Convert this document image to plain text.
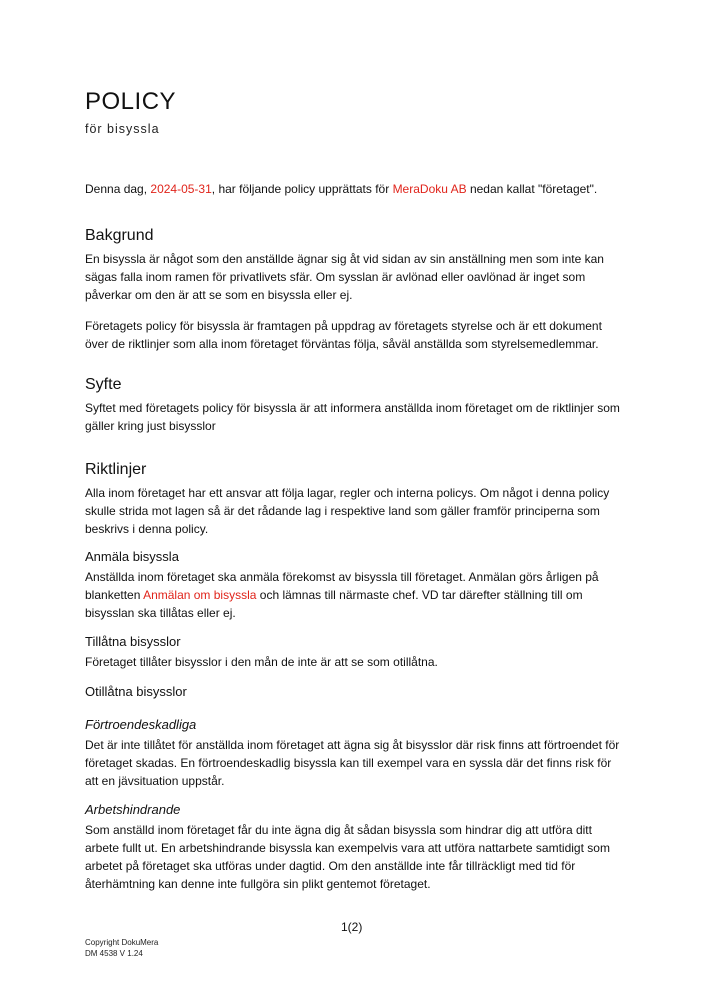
POLICY
för bisyssla
Denna dag, 2024-05-31, har följande policy upprättats för MeraDoku AB nedan kallat "företaget".
Bakgrund

En bisyssla är något som den anställde ägnar sig åt vid sidan av sin anställning men som inte kan sägas falla inom ramen för privatlivets sfär. Om sysslan är avlönad eller oavlönad är inget som påverkar om den är att se som en bisyssla eller ej.

Företagets policy för bisyssla är framtagen på uppdrag av företagets styrelse och är ett dokument över de riktlinjer som alla inom företaget förväntas följa, såväl anställda som styrelsemedlemmar.

Syfte

Syftet med företagets policy för bisyssla är att informera anställda inom företaget om de riktlinjer som gäller kring just bisysslor

Riktlinjer

Alla inom företaget har ett ansvar att följa lagar, regler och interna policys. Om något i denna policy skulle strida mot lagen så är det rådande lag i respektive land som gäller framför principerna som beskrivs i denna policy.

Anmäla bisyssla

Anställda inom företaget ska anmäla förekomst av bisyssla till företaget. Anmälan görs årligen på blanketten Anmälan om bisyssla och lämnas till närmaste chef. VD tar därefter ställning till om bisysslan ska tillåtas eller ej.

Tillåtna bisysslor

Företaget tillåter bisysslor i den mån de inte är att se som otillåtna.

Otillåtna bisysslor
Förtroendeskadliga

Det är inte tillåtet för anställda inom företaget att ägna sig åt bisysslor där risk finns att förtroendet för företaget skadas. En förtroendeskadlig bisyssla kan till exempel vara en syssla där det finns risk för att en jävsituation uppstår.

Arbetshindrande

Som anställd inom företaget får du inte ägna dig åt sådan bisyssla som hindrar dig att utföra ditt arbete fullt ut. En arbetshindrande bisyssla kan exempelvis vara att utföra nattarbete samtidigt som arbetet på företaget ska utföras under dagtid. Om den anställde inte får tillräckligt med tid för återhämtning kan denne inte fullgöra sin plikt gentemot företaget.

1(2)
Copyright DokuMera
DM 4538 V 1.24
